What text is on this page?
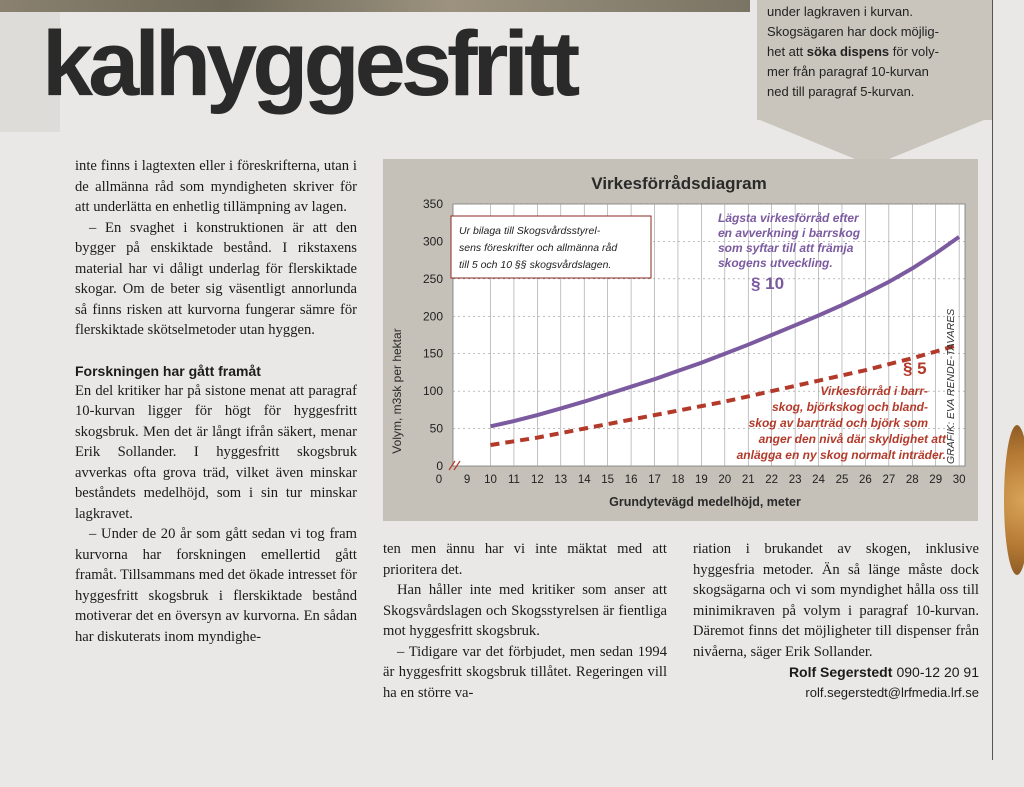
kalhyggesfritt
under lagkraven i kurvan.
Skogsägaren har dock möjlig-
het att söka dispens för voly-
mer från paragraf 10-kurvan
ned till paragraf 5-kurvan.

inte finns i lagtexten eller i föreskrifterna, utan i de allmänna råd som myndigheten skriver för att underlätta en enhetlig tillämpning av lagen.

– En svaghet i konstruktionen är att den bygger på enskiktade bestånd. I rikstaxens material har vi dåligt underlag för flerskiktade skogar. Om de beter sig väsentligt annorlunda så finns risken att kurvorna fungerar sämre för flerskiktade skötselmetoder utan hyggen.

Forskningen har gått framåt

En del kritiker har på sistone menat att paragraf 10-kurvan ligger för högt för hyggesfritt skogsbruk. Men det är långt ifrån säkert, menar Erik Sollander. I hyggesfritt skogsbruk avverkas ofta grova träd, vilket även minskar beståndets medelhöjd, som i sin tur minskar lagkravet.

– Under de 20 år som gått sedan vi tog fram kurvorna har forskningen emellertid gått framåt. Tillsammans med det ökade intresset för hyggesfritt skogsbruk i flerskiktade bestånd motiverar det en översyn av kurvorna. En sådan har diskuterats inom myndighe-

ten men ännu har vi inte mäktat med att prioritera det.

Han håller inte med kritiker som anser att Skogsvårdslagen och Skogsstyrelsen är fientliga mot hyggesfritt skogsbruk.

– Tidigare var det förbjudet, men sedan 1994 är hyggesfritt skogsbruk tillåtet. Regeringen vill ha en större va-

riation i brukandet av skogen, inklusive hyggesfria metoder. Än så länge måste dock skogsägarna och vi som myndighet hålla oss till minimikraven på volym i paragraf 10-kurvan. Däremot finns det möjligheter till dispenser från nivåerna, säger Erik Sollander.

Rolf Segerstedt 090-12 20 91
rolf.segerstedt@lrfmedia.lrf.se
Virkesförrådsdiagram
0
50
100
150
200
250
300
350
0 9 10 11 12 13 14 15 16 17 18 19 20 21 22 23 24 25 26 27 28 29 30
Grundytevägd medelhöjd, meter
Volym, m3sk per hektar
Ur bilaga till Skogsvårdsstyrel- sens föreskrifter och allmänna råd till 5 och 10 §§ skogsvårdslagen.
Lägsta virkesförråd efter
en avverkning i barrskog
som syftar till att främja
skogens utveckling.
§ 10
§ 5
Virkesförråd i barr-
skog, björkskog och bland-
skog av barrträd och björk som
anger den nivå där skyldighet att
anlägga en ny skog normalt inträder. GRAFIK: EVA RENDE-TAVARES
